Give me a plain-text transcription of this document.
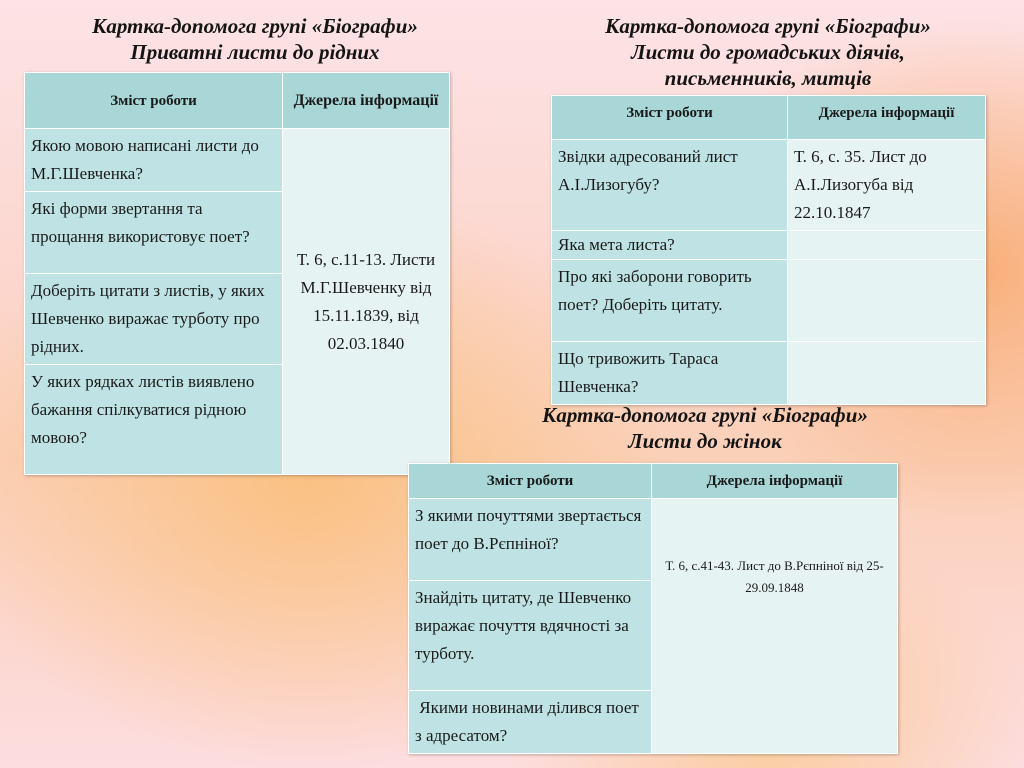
Картка-допомога групі «Біографи»
Приватні листи до рідних
Зміст роботи	Джерела інформації
Якою мовою написані листи до М.Г.Шевченка?	Т. 6, с.11-13. Листи М.Г.Шевченку від 15.11.1839, від 02.03.1840
Які форми звертання та прощання використовує поет?	
Доберіть цитати з листів, у яких Шевченко виражає турботу про рідних.	
У яких рядках листів виявлено бажання спілкуватися рідною мовою?	
Картка-допомога групі «Біографи»
Листи до громадських діячів,
письменників, митців
Зміст роботи	Джерела інформації
Звідки адресований лист А.І.Лизогубу?	Т. 6, с. 35. Лист до А.І.Лизогуба від 22.10.1847
Яка мета листа?	
Про які заборони говорить поет? Доберіть цитату.	
Що тривожить Тараса Шевченка?	
Картка-допомога групі «Біографи»
Листи до жінок
Зміст роботи	Джерела інформації
З якими почуттями звертається поет до В.Рєпніної?	Т. 6, с.41-43. Лист до В.Рєпніної від 25-29.09.1848
Знайдіть цитату, де Шевченко виражає почуття вдячності за турботу.	
Якими новинами ділився поет з адресатом?	
